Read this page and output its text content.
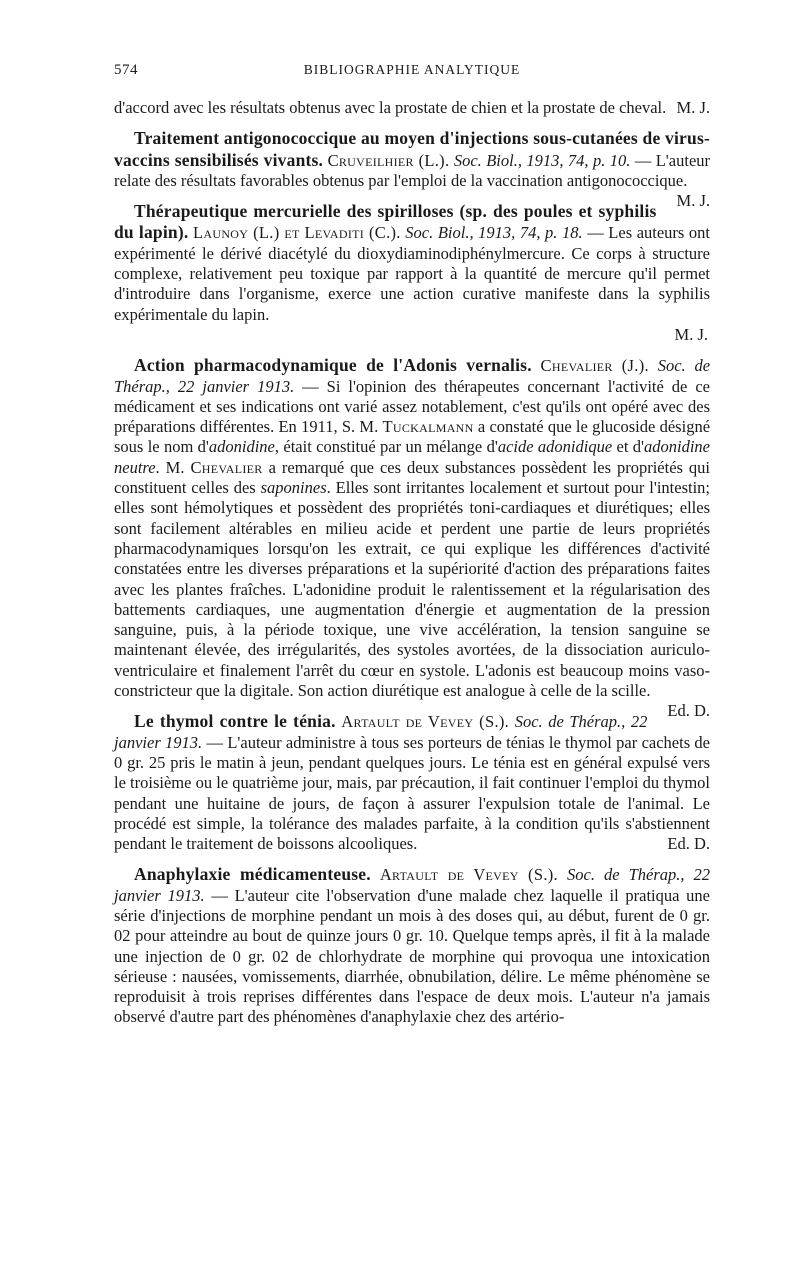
574	BIBLIOGRAPHIE ANALYTIQUE

d'accord avec les résultats obtenus avec la prostate de chien et la prostate de cheval. M. J.

Traitement antigonococcique au moyen d'injections sous-cutanées de virus-vaccins sensibilisés vivants. Cruveilhier (L.). Soc. Biol., 1913, 74, p. 10. — L'auteur relate des résultats favorables obtenus par l'emploi de la vaccination antigonococcique.
M. J.

Thérapeutique mercurielle des spirilloses (sp. des poules et syphilis du lapin). Launoy (L.) et Levaditi (C.). Soc. Biol., 1913, 74, p. 18. — Les auteurs ont expérimenté le dérivé diacétylé du dioxydiaminodiphénylmercure. Ce corps à structure complexe, relativement peu toxique par rapport à la quantité de mercure qu'il permet d'introduire dans l'organisme, exerce une action curative manifeste dans la syphilis expérimentale du lapin.

M. J.

Action pharmacodynamique de l'Adonis vernalis. Chevalier (J.). Soc. de Thérap., 22 janvier 1913. — Si l'opinion des thérapeutes concernant l'activité de ce médicament et ses indications ont varié assez notablement, c'est qu'ils ont opéré avec des préparations différentes. En 1911, S. M. Tuckalmann a constaté que le glucoside désigné sous le nom d'adonidine, était constitué par un mélange d'acide adonidique et d'adonidine neutre. M. Chevalier a remarqué que ces deux substances possèdent les propriétés qui constituent celles des saponines. Elles sont irritantes localement et surtout pour l'intestin; elles sont hémolytiques et possèdent des propriétés toni-cardiaques et diurétiques; elles sont facilement altérables en milieu acide et perdent une partie de leurs propriétés pharmacodynamiques lorsqu'on les extrait, ce qui explique les différences d'activité constatées entre les diverses préparations et la supériorité d'action des préparations faites avec les plantes fraîches. L'adonidine produit le ralentissement et la régularisation des battements cardiaques, une augmentation d'énergie et augmentation de la pression sanguine, puis, à la période toxique, une vive accélération, la tension sanguine se maintenant élevée, des irrégularités, des systoles avortées, de la dissociation auriculo-ventriculaire et finalement l'arrêt du cœur en systole. L'adonis est beaucoup moins vaso-constricteur que la digitale. Son action diurétique est analogue à celle de la scille.
Ed. D.

Le thymol contre le ténia. Artault de Vevey (S.). Soc. de Thérap., 22 janvier 1913. — L'auteur administre à tous ses porteurs de ténias le thymol par cachets de 0 gr. 25 pris le matin à jeun, pendant quelques jours. Le ténia est en général expulsé vers le troisième ou le quatrième jour, mais, par précaution, il fait continuer l'emploi du thymol pendant une huitaine de jours, de façon à assurer l'expulsion totale de l'animal. Le procédé est simple, la tolérance des malades parfaite, à la condition qu'ils s'abstiennent pendant le traitement de boissons alcooliques.	Ed. D.

Anaphylaxie médicamenteuse. Artault de Vevey (S.). Soc. de Thérap., 22 janvier 1913. — L'auteur cite l'observation d'une malade chez laquelle il pratiqua une série d'injections de morphine pendant un mois à des doses qui, au début, furent de 0 gr. 02 pour atteindre au bout de quinze jours 0 gr. 10. Quelque temps après, il fit à la malade une injection de 0 gr. 02 de chlorhydrate de morphine qui provoqua une intoxication sérieuse : nausées, vomissements, diarrhée, obnubilation, délire. Le même phénomène se reproduisit à trois reprises différentes dans l'espace de deux mois. L'auteur n'a jamais observé d'autre part des phénomènes d'anaphylaxie chez des artério-
